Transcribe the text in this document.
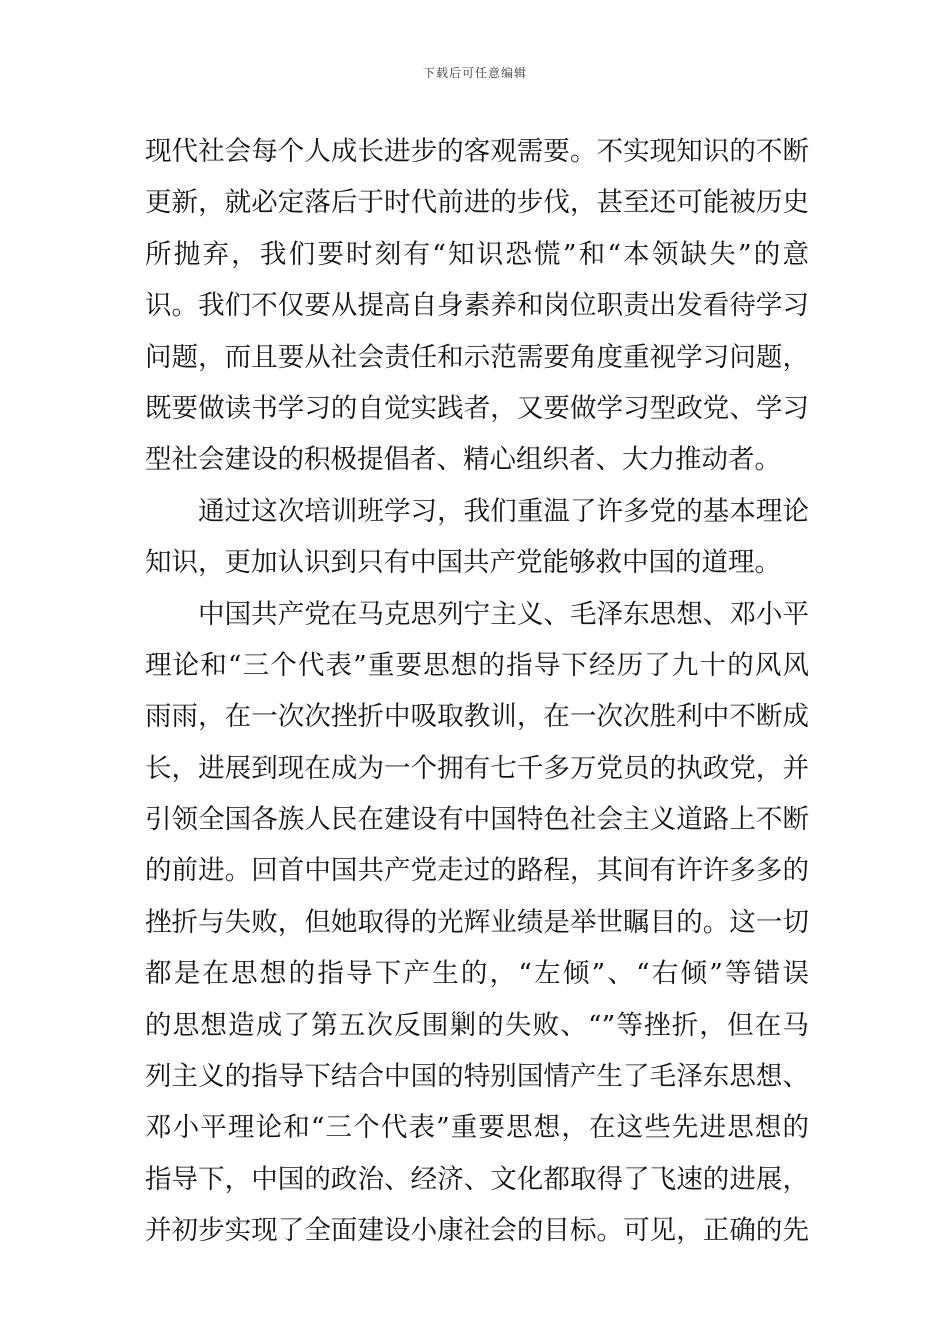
下载后可任意编辑
现代社会每个人成长进步的客观需要。不实现知识的不断
更新，就必定落后于时代前进的步伐，甚至还可能被历史
所抛弃，我们要时刻有“知识恐慌”和“本领缺失”的意
识。我们不仅要从提高自身素养和岗位职责出发看待学习
问题，而且要从社会责任和示范需要角度重视学习问题，
既要做读书学习的自觉实践者，又要做学习型政党、学习
型社会建设的积极提倡者、精心组织者、大力推动者。
通过这次培训班学习，我们重温了许多党的基本理论
知识，更加认识到只有中国共产党能够救中国的道理。
中国共产党在马克思列宁主义、毛泽东思想、邓小平
理论和“三个代表”重要思想的指导下经历了九十的风风
雨雨，在一次次挫折中吸取教训，在一次次胜利中不断成
长，进展到现在成为一个拥有七千多万党员的执政党，并
引领全国各族人民在建设有中国特色社会主义道路上不断
的前进。回首中国共产党走过的路程，其间有许许多多的
挫折与失败，但她取得的光辉业绩是举世瞩目的。这一切
都是在思想的指导下产生的，“左倾”、“右倾”等错误
的思想造成了第五次反围剿的失败、“”等挫折，但在马
列主义的指导下结合中国的特别国情产生了毛泽东思想、
邓小平理论和“三个代表”重要思想，在这些先进思想的
指导下，中国的政治、经济、文化都取得了飞速的进展，
并初步实现了全面建设小康社会的目标。可见，正确的先
